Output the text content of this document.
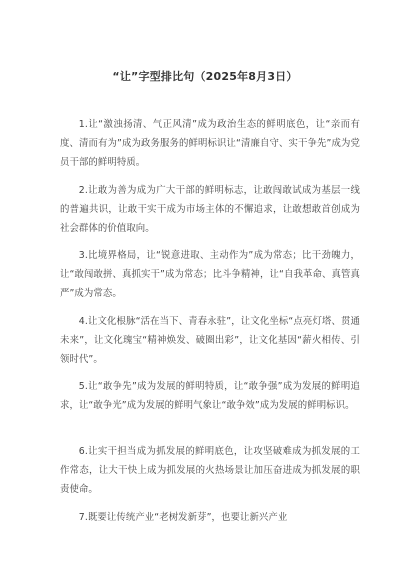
“让”字型排比句（2025年8月3日）

1.让“激浊扬清、气正风清”成为政治生态的鲜明底色，让“亲而有度、清而有为”成为政务服务的鲜明标识让“清廉自守、实干争先”成为党员干部的鲜明特质。

2.让敢为善为成为广大干部的鲜明标志，让敢闯敢试成为基层一线的普遍共识，让敢干实干成为市场主体的不懈追求，让敢想敢首创成为社会群体的价值取向。

3.比境界格局，让“锐意进取、主动作为”成为常态；比干劲魄力，让“敢闯敢拼、真抓实干”成为常态；比斗争精神，让“自我革命、真管真严”成为常态。

4.让文化根脉“活在当下、青春永驻”，让文化坐标“点亮灯塔、贯通未来”，让文化瑰宝“精神焕发、破圈出彩”，让文化基因“薪火相传、引领时代”。

5.让“敢争先”成为发展的鲜明特质，让“敢争强”成为发展的鲜明追求，让“敢争光”成为发展的鲜明气象让“敢争效”成为发展的鲜明标识。

6.让实干担当成为抓发展的鲜明底色，让攻坚破难成为抓发展的工作常态，让大干快上成为抓发展的火热场景让加压奋进成为抓发展的职责使命。

7.既要让传统产业“老树发新芽”，也要让新兴产业
